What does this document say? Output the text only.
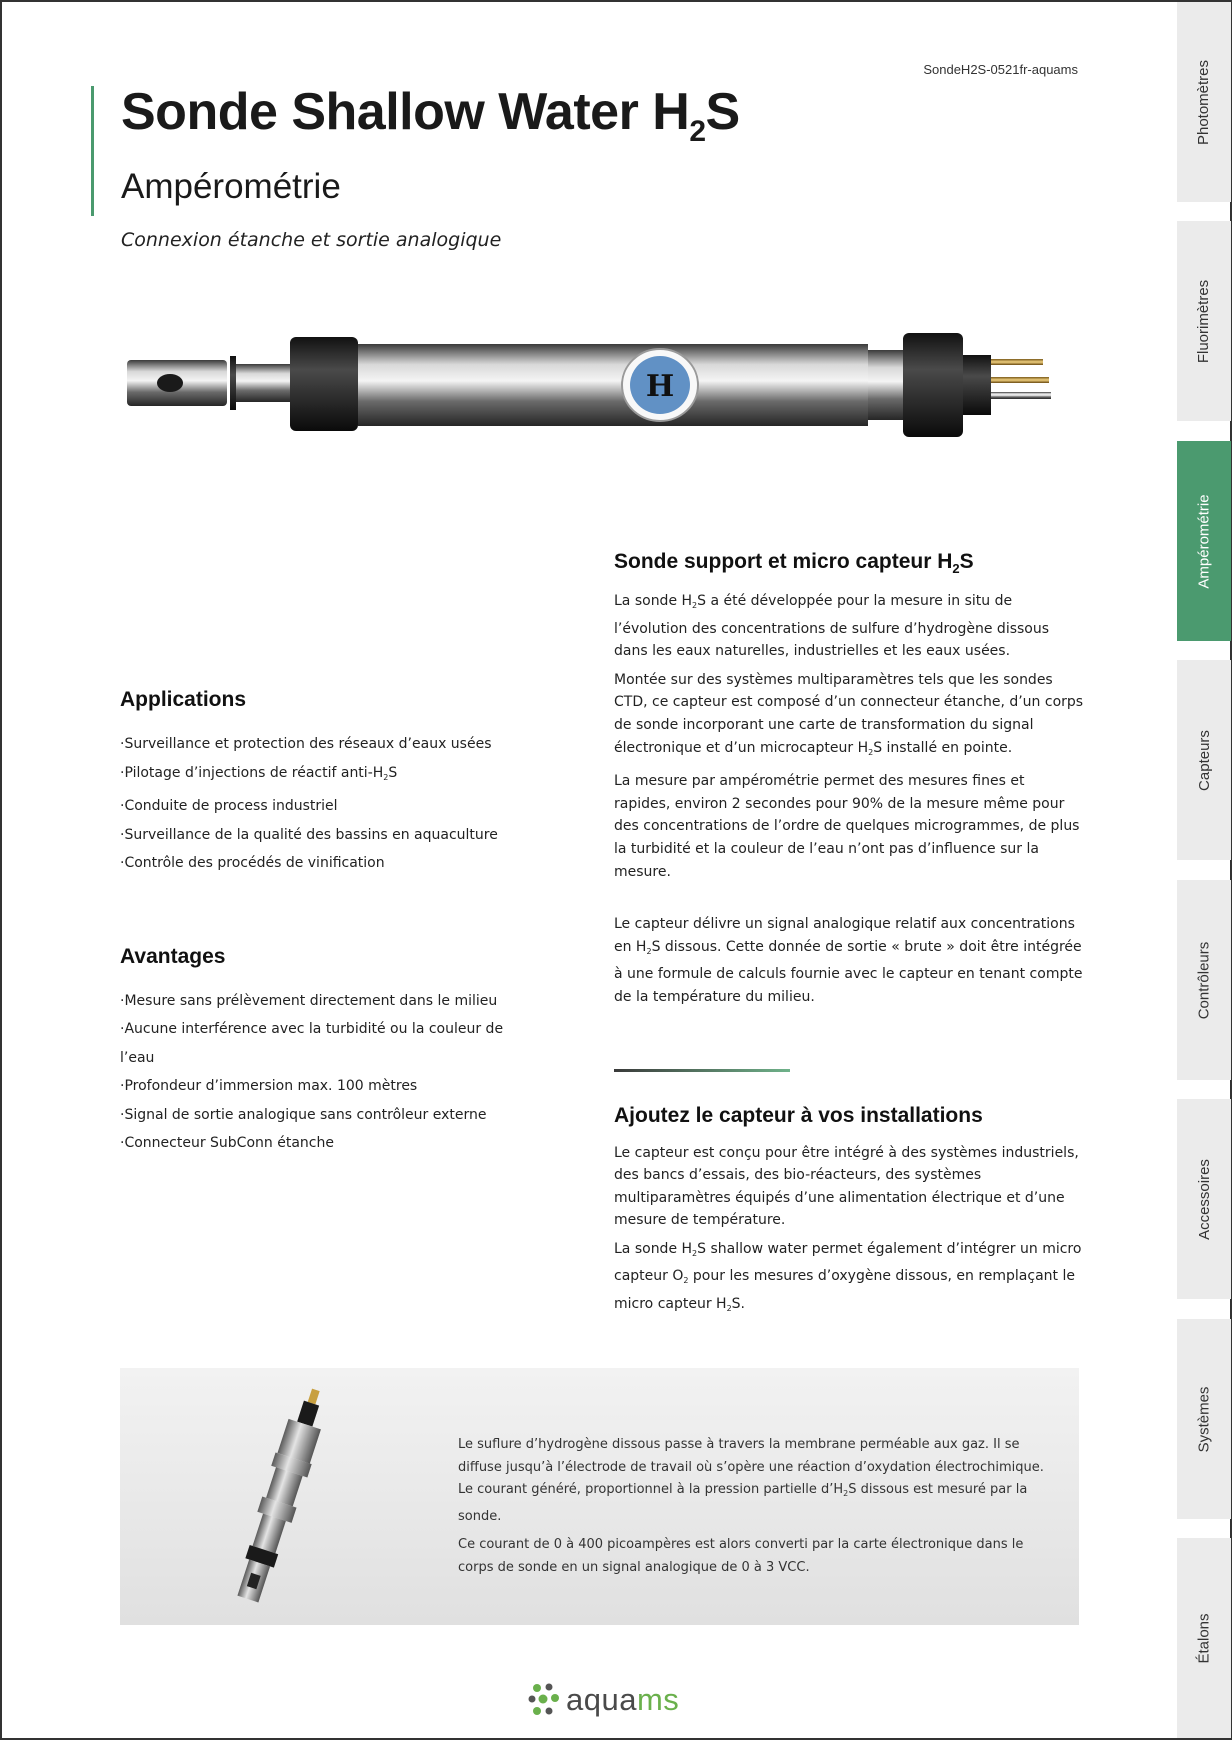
SondeH2S-0521fr-aquams
Sonde Shallow Water $H_2S$
Ampérométrie
Connexion étanche et sortie analogique
H
Applications
· Surveillance et protection des réseaux d’eaux usées
· Pilotage d’injections de réactif anti-$H_2S$
· Conduite de process industriel
· Surveillance de la qualité des bassins en aquaculture
· Contrôle des procédés de vinification
Avantages
· Mesure sans prélèvement directement dans le milieu
· Aucune interférence avec la turbidité ou la couleur de l’eau
· Profondeur d’immersion max. 100 mètres
· Signal de sortie analogique sans contrôleur externe
· Connecteur SubConn étanche
Sonde support et micro capteur $H_2S$

La sonde $H_2S$ a été développée pour la mesure in situ de l’évolution des concentrations de sulfure d’hydrogène dissous dans les eaux naturelles, industrielles et les eaux usées.

Montée sur des systèmes multiparamètres tels que les sondes CTD, ce capteur est composé d’un connecteur étanche, d’un corps de sonde incorporant une carte de transformation du signal électronique et d’un microcapteur $H_2S$ installé en pointe.

La mesure par ampérométrie permet des mesures fines et rapides, environ 2 secondes pour 90% de la mesure même pour des concentrations de l’ordre de quelques microgrammes, de plus la turbidité et la couleur de l’eau n’ont pas d’influence sur la mesure.

Le capteur délivre un signal analogique relatif aux concentrations en $H_2S$ dissous. Cette donnée de sortie « brute » doit être intégrée à une formule de calculs fournie avec le capteur en tenant compte de la température du milieu.

Ajoutez le capteur à vos installations

Le capteur est conçu pour être intégré à des systèmes industriels, des bancs d’essais, des bio-réacteurs, des systèmes multiparamètres équipés d’une alimentation électrique et d’une mesure de température.

La sonde $H_2S$ shallow water permet également d’intégrer un micro capteur $O_2$ pour les mesures d’oxygène dissous, en remplaçant le micro capteur $H_2S$.

Le suflure d’hydrogène dissous passe à travers la membrane perméable aux gaz. Il se diffuse jusqu’à l’électrode de travail où s’opère une réaction d’oxydation électrochimique. Le courant généré, proportionnel à la pression partielle $d’H_2S$ dissous est mesuré par la sonde.

Ce courant de 0 à 400 picoampères est alors converti par la carte électronique dans le corps de sonde en un signal analogique de 0 à 3 VCC.

aquams
Photomètres
Fluorimètres
Ampérométrie
Capteurs
Contrôleurs
Accessoires
Systèmes
Étalons
